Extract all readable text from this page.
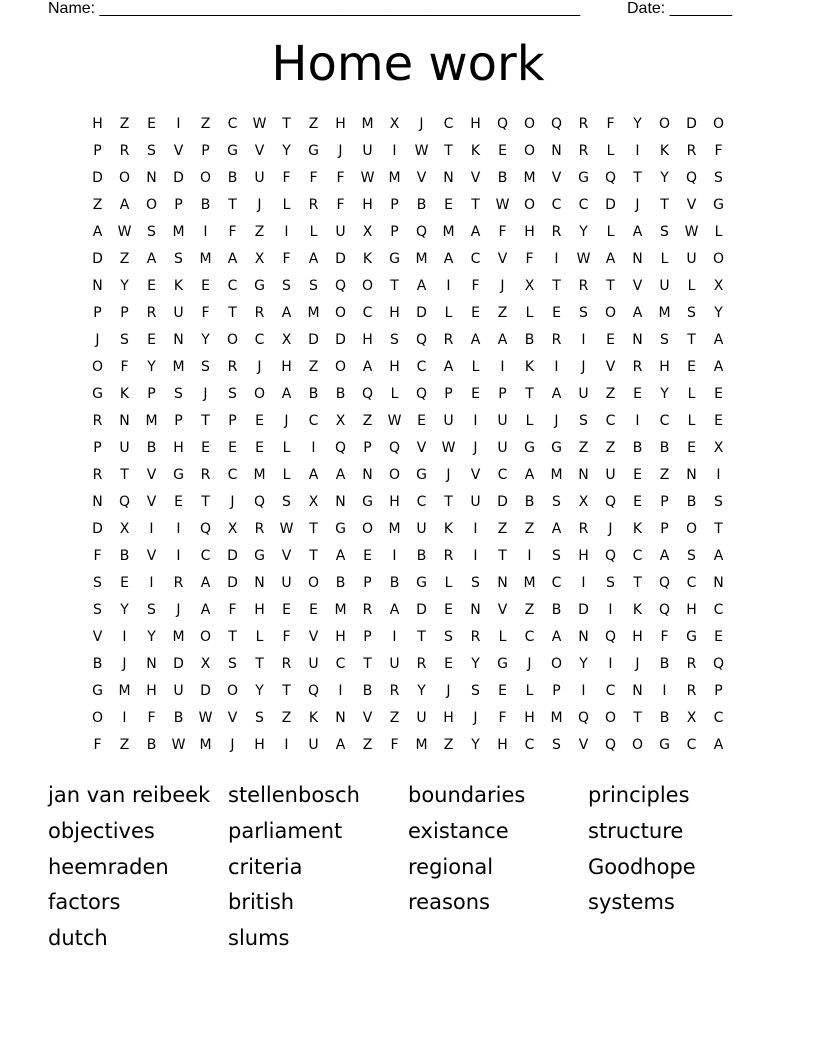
Name: ______________________________________________________	Date: _______
Home work
H	Z	E	I	Z	C	W	T	Z	H	M	X	J	C	H	Q	O	Q	R	F	Y	O	D	O
P	R	S	V	P	G	V	Y	G	J	U	I	W	T	K	E	O	N	R	L	I	K	R	F
D	O	N	D	O	B	U	F	F	F	W	M	V	N	V	B	M	V	G	Q	T	Y	Q	S
Z	A	O	P	B	T	J	L	R	F	H	P	B	E	T	W	O	C	C	D	J	T	V	G
A	W	S	M	I	F	Z	I	L	U	X	P	Q	M	A	F	H	R	Y	L	A	S	W	L
D	Z	A	S	M	A	X	F	A	D	K	G	M	A	C	V	F	I	W	A	N	L	U	O
N	Y	E	K	E	C	G	S	S	Q	O	T	A	I	F	J	X	T	R	T	V	U	L	X
P	P	R	U	F	T	R	A	M	O	C	H	D	L	E	Z	L	E	S	O	A	M	S	Y
J	S	E	N	Y	O	C	X	D	D	H	S	Q	R	A	A	B	R	I	E	N	S	T	A
O	F	Y	M	S	R	J	H	Z	O	A	H	C	A	L	I	K	I	J	V	R	H	E	A
G	K	P	S	J	S	O	A	B	B	Q	L	Q	P	E	P	T	A	U	Z	E	Y	L	E
R	N	M	P	T	P	E	J	C	X	Z	W	E	U	I	U	L	J	S	C	I	C	L	E
P	U	B	H	E	E	E	L	I	Q	P	Q	V	W	J	U	G	G	Z	Z	B	B	E	X
R	T	V	G	R	C	M	L	A	A	N	O	G	J	V	C	A	M	N	U	E	Z	N	I
N	Q	V	E	T	J	Q	S	X	N	G	H	C	T	U	D	B	S	X	Q	E	P	B	S
D	X	I	I	Q	X	R	W	T	G	O	M	U	K	I	Z	Z	A	R	J	K	P	O	T
F	B	V	I	C	D	G	V	T	A	E	I	B	R	I	T	I	S	H	Q	C	A	S	A
S	E	I	R	A	D	N	U	O	B	P	B	G	L	S	N	M	C	I	S	T	Q	C	N
S	Y	S	J	A	F	H	E	E	M	R	A	D	E	N	V	Z	B	D	I	K	Q	H	C
V	I	Y	M	O	T	L	F	V	H	P	I	T	S	R	L	C	A	N	Q	H	F	G	E
B	J	N	D	X	S	T	R	U	C	T	U	R	E	Y	G	J	O	Y	I	J	B	R	Q
G	M	H	U	D	O	Y	T	Q	I	B	R	Y	J	S	E	L	P	I	C	N	I	R	P
O	I	F	B	W	V	S	Z	K	N	V	Z	U	H	J	F	H	M	Q	O	T	B	X	C
F	Z	B	W	M	J	H	I	U	A	Z	F	M	Z	Y	H	C	S	V	Q	O	G	C	A
jan van reibeek
objectives
heemraden
factors
dutch
stellenbosch
parliament
criteria
british
slums
boundaries
existance
regional
reasons
principles
structure
Goodhope
systems
